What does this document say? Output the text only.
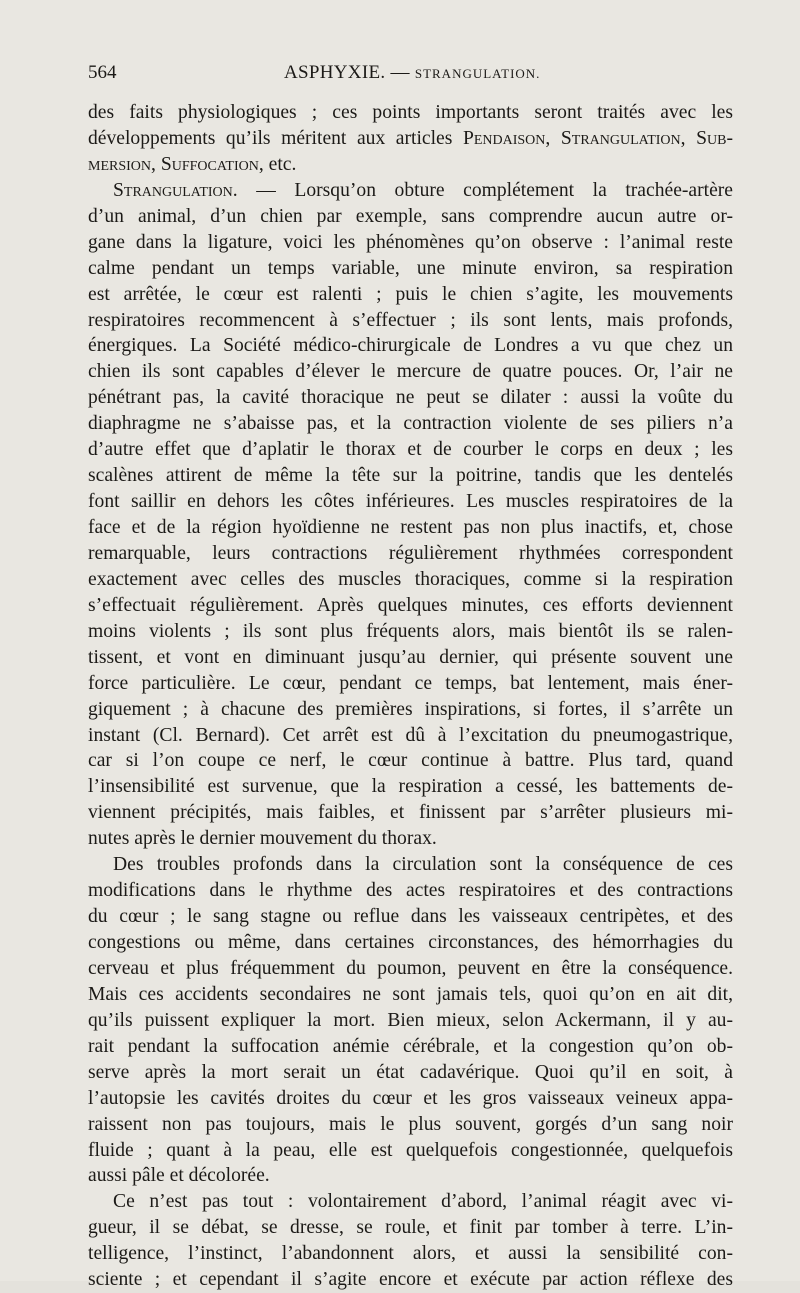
564	ASPHYXIE. — STRANGULATION.
des faits physiologiques ; ces points importants seront traités avec les
développements qu’ils méritent aux articles Pendaison, Strangulation, Sub-
mersion, Suffocation, etc.
Strangulation. — Lorsqu’on obture complétement la trachée-artère
d’un animal, d’un chien par exemple, sans comprendre aucun autre or-
gane dans la ligature, voici les phénomènes qu’on observe : l’animal reste
calme pendant un temps variable, une minute environ, sa respiration
est arrêtée, le cœur est ralenti ; puis le chien s’agite, les mouvements
respiratoires recommencent à s’effectuer ; ils sont lents, mais profonds,
énergiques. La Société médico-chirurgicale de Londres a vu que chez un
chien ils sont capables d’élever le mercure de quatre pouces. Or, l’air ne
pénétrant pas, la cavité thoracique ne peut se dilater : aussi la voûte du
diaphragme ne s’abaisse pas, et la contraction violente de ses piliers n’a
d’autre effet que d’aplatir le thorax et de courber le corps en deux ; les
scalènes attirent de même la tête sur la poitrine, tandis que les dentelés
font saillir en dehors les côtes inférieures. Les muscles respiratoires de la
face et de la région hyoïdienne ne restent pas non plus inactifs, et, chose
remarquable, leurs contractions régulièrement rhythmées correspondent
exactement avec celles des muscles thoraciques, comme si la respiration
s’effectuait régulièrement. Après quelques minutes, ces efforts deviennent
moins violents ; ils sont plus fréquents alors, mais bientôt ils se ralen-
tissent, et vont en diminuant jusqu’au dernier, qui présente souvent une
force particulière. Le cœur, pendant ce temps, bat lentement, mais éner-
giquement ; à chacune des premières inspirations, si fortes, il s’arrête un
instant (Cl. Bernard). Cet arrêt est dû à l’excitation du pneumogastrique,
car si l’on coupe ce nerf, le cœur continue à battre. Plus tard, quand
l’insensibilité est survenue, que la respiration a cessé, les battements de-
viennent précipités, mais faibles, et finissent par s’arrêter plusieurs mi-
nutes après le dernier mouvement du thorax.
Des troubles profonds dans la circulation sont la conséquence de ces
modifications dans le rhythme des actes respiratoires et des contractions
du cœur ; le sang stagne ou reflue dans les vaisseaux centripètes, et des
congestions ou même, dans certaines circonstances, des hémorrhagies du
cerveau et plus fréquemment du poumon, peuvent en être la conséquence.
Mais ces accidents secondaires ne sont jamais tels, quoi qu’on en ait dit,
qu’ils puissent expliquer la mort. Bien mieux, selon Ackermann, il y au-
rait pendant la suffocation anémie cérébrale, et la congestion qu’on ob-
serve après la mort serait un état cadavérique. Quoi qu’il en soit, à
l’autopsie les cavités droites du cœur et les gros vaisseaux veineux appa-
raissent non pas toujours, mais le plus souvent, gorgés d’un sang noir
fluide ; quant à la peau, elle est quelquefois congestionnée, quelquefois
aussi pâle et décolorée.
Ce n’est pas tout : volontairement d’abord, l’animal réagit avec vi-
gueur, il se débat, se dresse, se roule, et finit par tomber à terre. L’in-
telligence, l’instinct, l’abandonnent alors, et aussi la sensibilité con-
sciente ; et cependant il s’agite encore et exécute par action réflexe des
